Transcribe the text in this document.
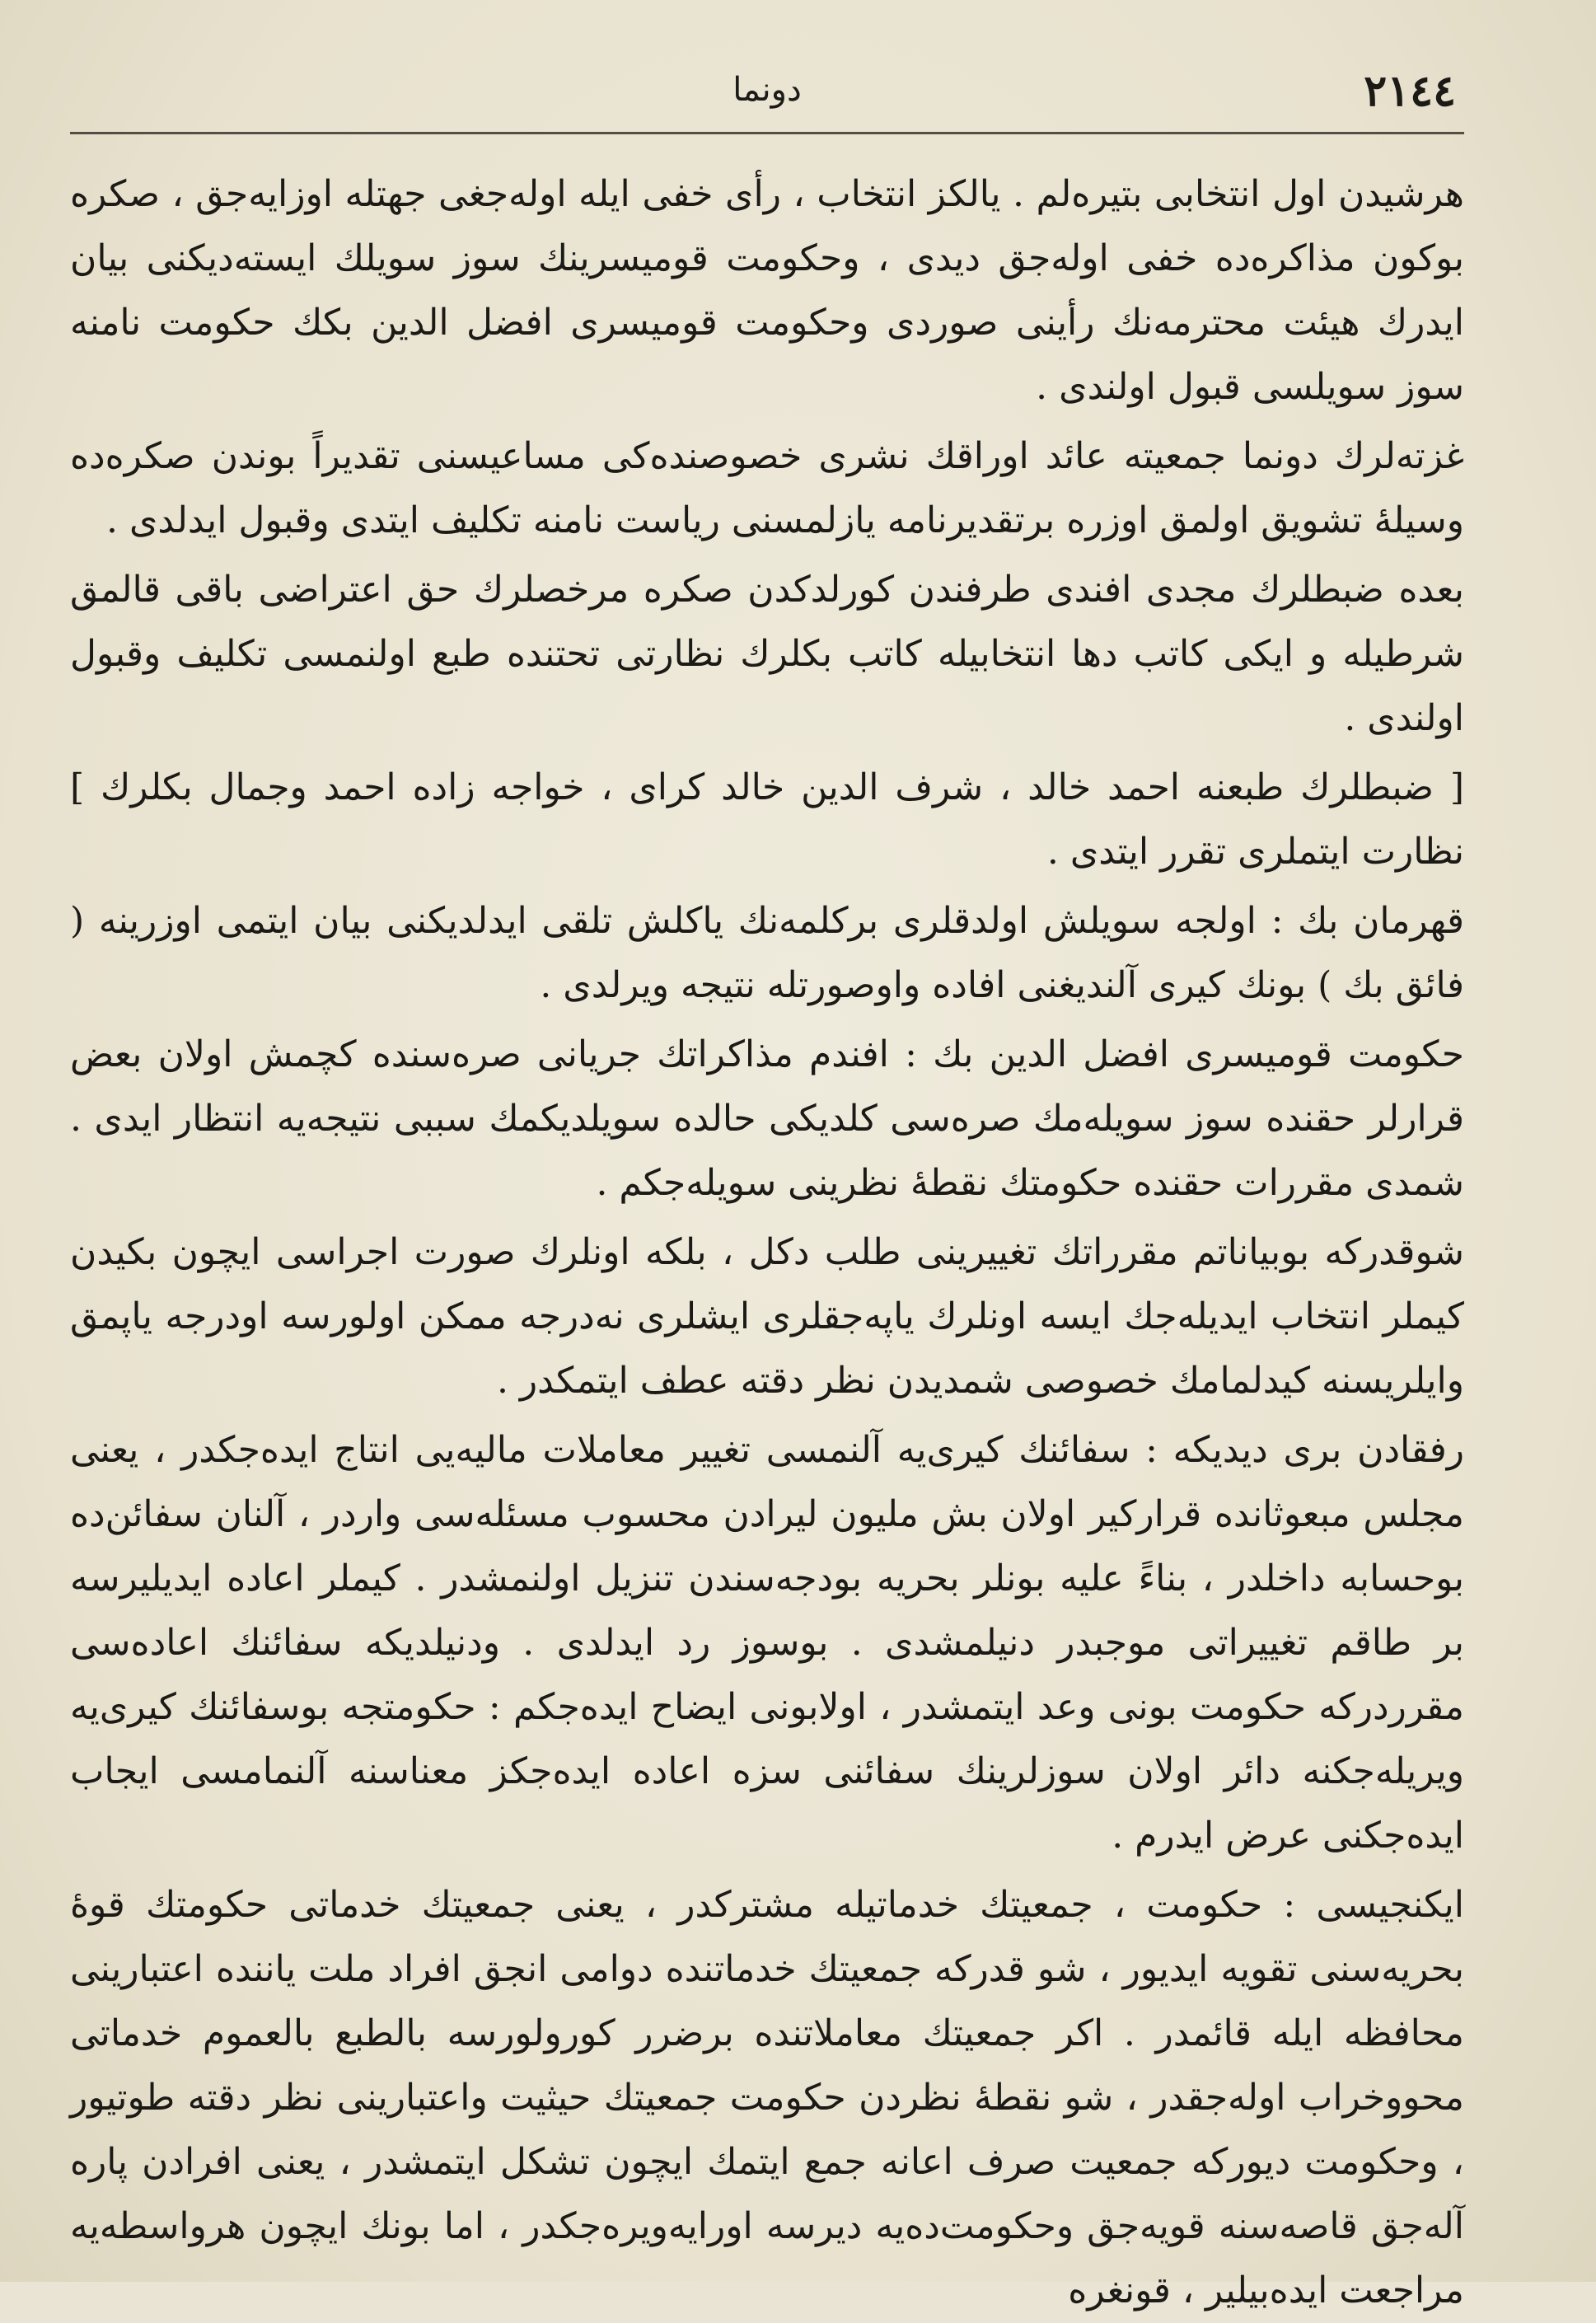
٢١٤٤
دونما

هرشیدن اول انتخابی بتیره‌لم . یالکز انتخاب ، رأی خفی ایله اوله‌جغی جهتله اوزایه‌جق ، صکره بوکون مذاکره‌ده خفی اوله‌جق دیدی ، وحکومت قومیسرینك سوز سویلك ایسته‌دیکنی بیان ایدرك هیئت محترمه‌نك رأینی صوردی وحکومت قومیسری افضل الدین بکك حکومت نامنه سوز سویلسی قبول اولندی .

غزته‌لرك دونما جمعیته عائد اوراقك نشری خصوصنده‌کی مساعیسنی تقدیراً بوندن صکره‌ده وسیلهٔ تشویق اولمق اوزره برتقدیرنامه یازلمسنی ریاست نامنه تکلیف ایتدی وقبول ایدلدی .

بعده ضبطلرك مجدی افندی طرفندن کورلدکدن صکره مرخصلرك حق اعتراضی باقی قالمق شرطیله و ایکی کاتب دها انتخابیله کاتب بکلرك نظارتی تحتنده طبع اولنمسی تکلیف وقبول اولندی .

[ ضبطلرك طبعنه احمد خالد ، شرف الدین خالد کرای ، خواجه زاده احمد وجمال بکلرك ] نظارت ایتملری تقرر ایتدی .

قهرمان بك : اولجه سویلش اولدقلری برکلمه‌نك یاکلش تلقی ایدلدیکنی بیان ایتمی اوزرینه ( فائق بك ) بونك کیری آلندیغنی افاده واوصورتله نتیجه ویرلدی .

حکومت قومیسری افضل الدین بك : افندم مذاکراتك جریانی صره‌سنده کچمش اولان بعض قرارلر حقنده سوز سویله‌مك صره‌سی کلدیکی حالده سویلدیکمك سببی نتیجه‌یه انتظار ایدی . شمدی مقررات حقنده حکومتك نقطهٔ نظرینی سویله‌جکم .

شوقدرکه بوبیاناتم مقرراتك تغییرینی طلب دکل ، بلکه اونلرك صورت اجراسی ایچون بکیدن کیملر انتخاب ایدیله‌جك ایسه اونلرك یاپه‌جقلری ایشلری نه‌درجه ممکن اولورسه اودرجه یاپمق وایلریسنه کیدلمامك خصوصی شمدیدن نظر دقته عطف ایتمکدر .

رفقادن بری دیدیکه : سفائنك کیری‌یه آلنمسی تغییر معاملات مالیه‌یی انتاج ایده‌جکدر ، یعنی مجلس مبعوثانده قرارکیر اولان بش ملیون لیرادن محسوب مسئله‌سی واردر ، آلنان سفائن‌ده بوحسابه داخلدر ، بناءً علیه بونلر بحریه بودجه‌سندن تنزیل اولنمشدر . کیملر اعاده ایدیلیرسه بر طاقم تغییراتی موجبدر دنیلمشدی . بوسوز رد ایدلدی . ودنیلدیکه سفائنك اعاده‌سی مقرردرکه حکومت بونی وعد ایتمشدر ، اولابونی ایضاح ایده‌جکم : حکومتجه بوسفائنك کیری‌یه ویریله‌جکنه دائر اولان سوزلرینك سفائنی سزه اعاده ایده‌جکز معناسنه آلنمامسی ایجاب ایده‌جکنی عرض ایدرم .

ایکنجیسی : حکومت ، جمعیتك خدماتیله مشترکدر ، یعنی جمعیتك خدماتی حکومتك قوهٔ بحریه‌سنی تقویه ایدیور ، شو قدرکه جمعیتك خدماتنده دوامی انجق افراد ملت یاننده اعتبارینی محافظه ایله قائمدر . اکر جمعیتك معاملاتنده برضرر کورولورسه بالطبع بالعموم خدماتی محووخراب اوله‌جقدر ، شو نقطهٔ نظردن حکومت جمعیتك حیثیت واعتبارینی نظر دقته طوتیور ، وحکومت دیورکه جمعیت صرف اعانه جمع ایتمك ایچون تشکل ایتمشدر ، یعنی افرادن پاره آله‌جق قاصه‌سنه قویه‌جق وحکومت‌ده‌یه دیرسه اورایه‌ویره‌جکدر ، اما بونك ایچون هرواسطه‌یه مراجعت ایده‌بیلیر ، قونغره
